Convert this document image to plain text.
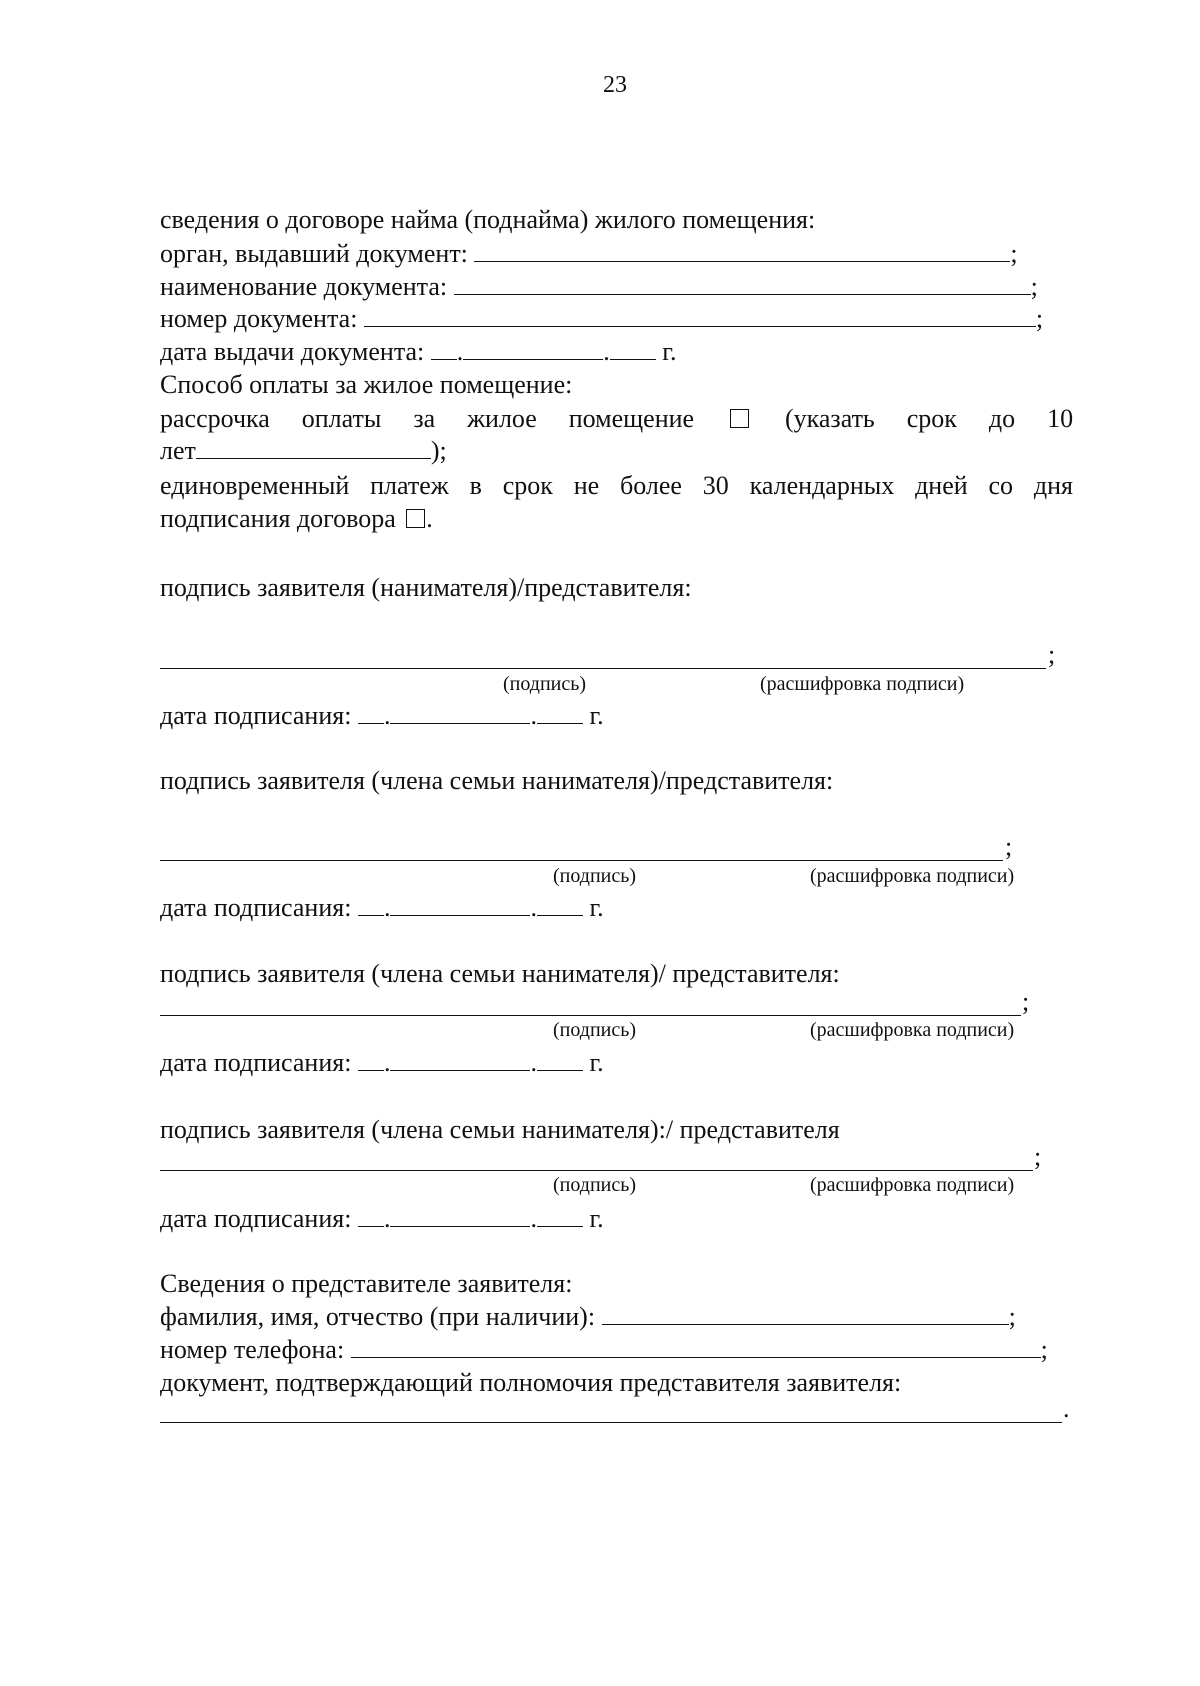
23
сведения о договоре найма (поднайма) жилого помещения:
орган, выдавший документ:	;
наименование документа:	;
номер документа:	;
дата выдачи документа: .	. г.
Способ оплаты за жилое помещение:
рассрочка оплаты за жилое помещение	(указать срок до 10
лет	);
единовременный платеж в срок не более 30 календарных дней со дня
подписания договора .
подпись заявителя (нанимателя)/представителя:
;
(подпись)	(расшифровка подписи)
дата подписания: .	. г.
подпись заявителя (члена семьи нанимателя)/представителя:
;
(подпись)	(расшифровка подписи)
дата подписания: .	. г.
подпись заявителя (члена семьи нанимателя)/ представителя:
;
(подпись)	(расшифровка подписи)
дата подписания: .	. г.
подпись заявителя (члена семьи нанимателя):/ представителя
;
(подпись)	(расшифровка подписи)
дата подписания: .	. г.
Сведения о представителе заявителя:
фамилия, имя, отчество (при наличии):	;
номер телефона:	;
документ, подтверждающий полномочия представителя заявителя:
.
